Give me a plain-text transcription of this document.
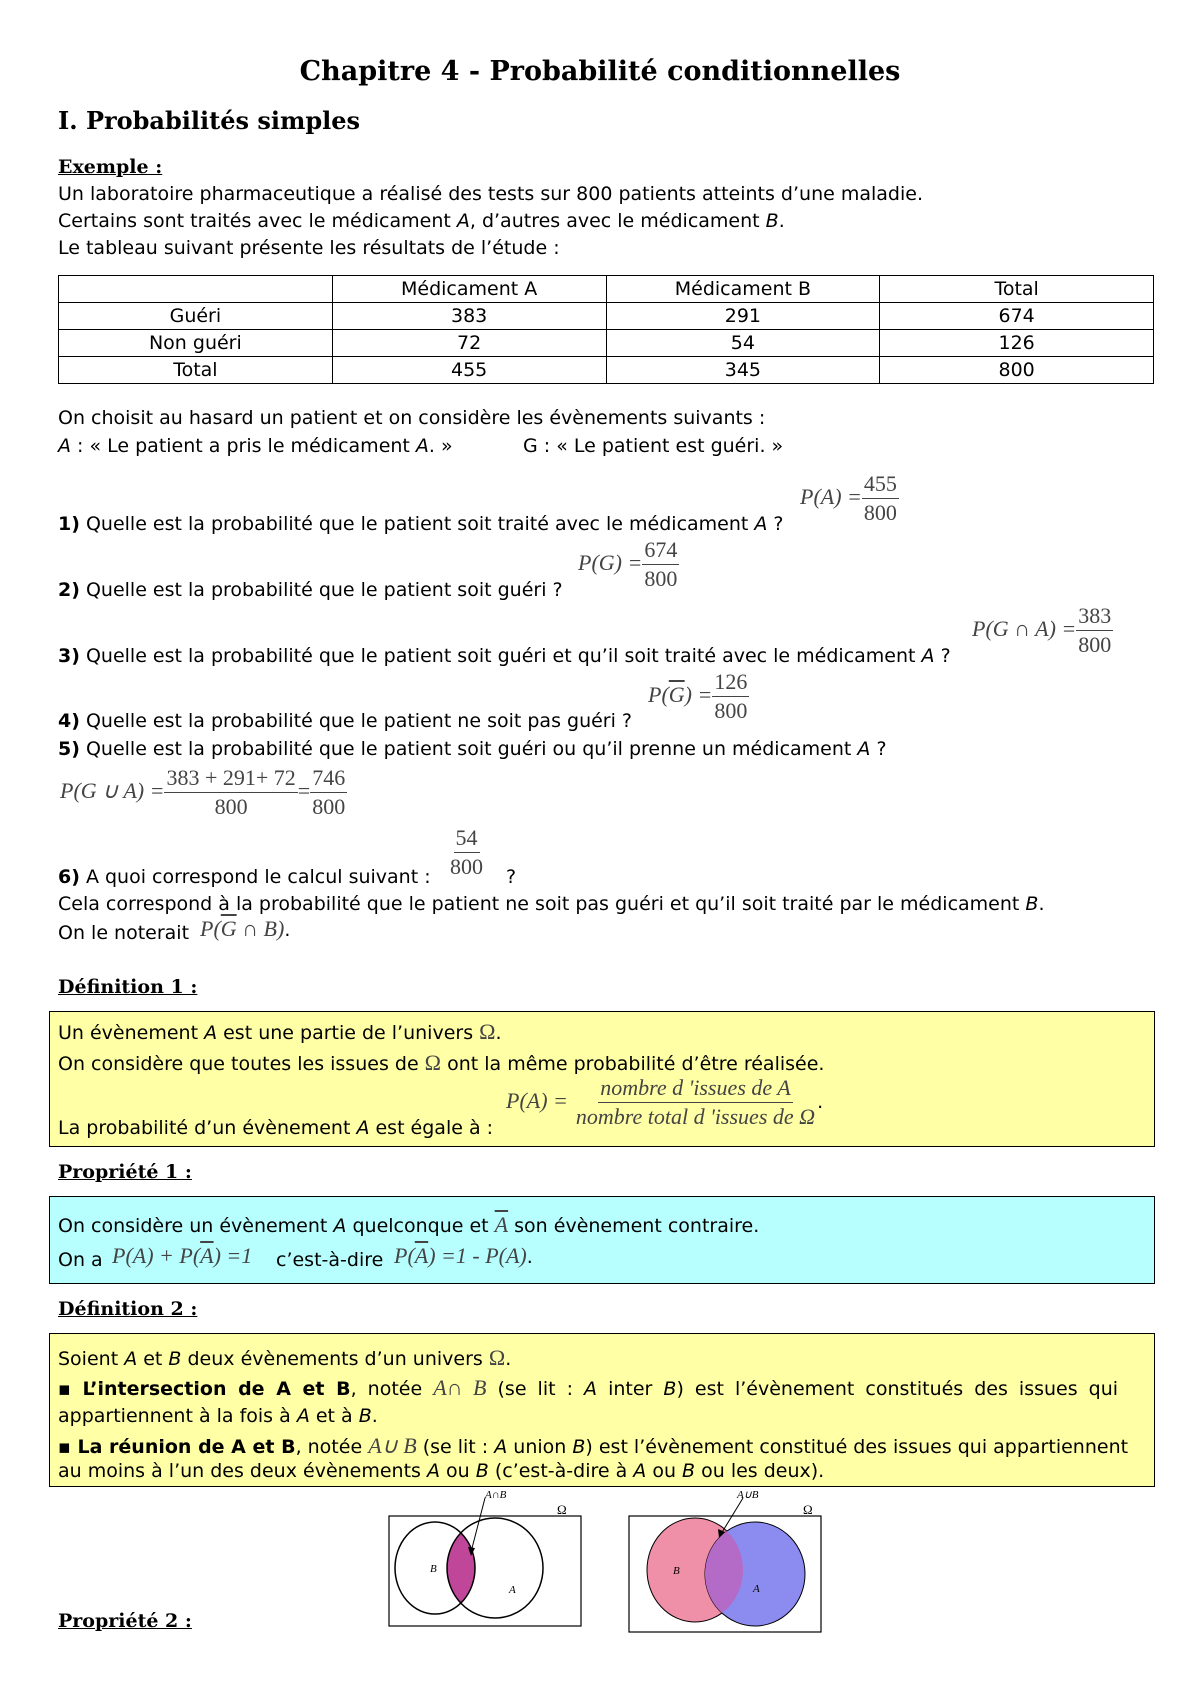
Chapitre 4 - Probabilité conditionnelles
I. Probabilités simples
Exemple :
Un laboratoire pharmaceutique a réalisé des tests sur 800 patients atteints d’une maladie.
Certains sont traités avec le médicament A, d’autres avec le médicament B.
Le tableau suivant présente les résultats de l’étude :
	Médicament A	Médicament B	Total
Guéri	383	291	674
Non guéri	72	54	126
Total	455	345	800
On choisit au hasard un patient et on considère les évènements suivants :
A : « Le patient a pris le médicament A. »	G : « Le patient est guéri. »
1) Quelle est la probabilité que le patient soit traité avec le médicament A ?
$P(A) = \frac{455}{800}$
2) Quelle est la probabilité que le patient soit guéri ?
$P(G) = \frac{674}{800}$
3) Quelle est la probabilité que le patient soit guéri et qu’il soit traité avec le médicament A ?
P(G ∩ $A) = \frac{383}{800}$
4) Quelle est la probabilité que le patient ne soit pas guéri ?
$P(\overline{G}) = \frac{126}{800}$
5) Quelle est la probabilité que le patient soit guéri ou qu’il prenne un médicament A ?
P(G ∪ $A) = \frac{383 + 291+ 72}{800} = \frac{746}{800}$
6) A quoi correspond le calcul suivant : $\frac{54}{800}$ ?
Cela correspond à la probabilité que le patient ne soit pas guéri et qu’il soit traité par le médicament B.
On le noterait $P(\overline{G}$ ∩ B).
Définition 1 :
Un évènement A est une partie de l’univers Ω.
On considère que toutes les issues de Ω ont la même probabilité d’être réalisée.
La probabilité d’un évènement A est égale à :
$P(A) = \frac{\text{nombre d 'issues de A}}{\text{nombre total d 'issues de Ω}}$ .
Propriété 1 :
On considère un évènement A quelconque et $\overline{A}$ son évènement contraire.
On a $P(A) + P(\overline{A}) =1$ c’est-à-dire $P(\overline{A}) =1 - P(A)$.
Définition 2 :
Soient A et B deux évènements d’un univers Ω.
▪ L’intersection de A et B, notée A∩ B (se lit : A inter B) est l’évènement constitués des issues qui
appartiennent à la fois à A et à B.
▪ La réunion de A et B, notée A∪ B (se lit : A union B) est l’évènement constitué des issues qui appartiennent
au moins à l’un des deux évènements A ou B (c’est-à-dire à A ou B ou les deux).
A∩B
Ω
B
A
A∪B
Ω
B
A
Propriété 2 :
